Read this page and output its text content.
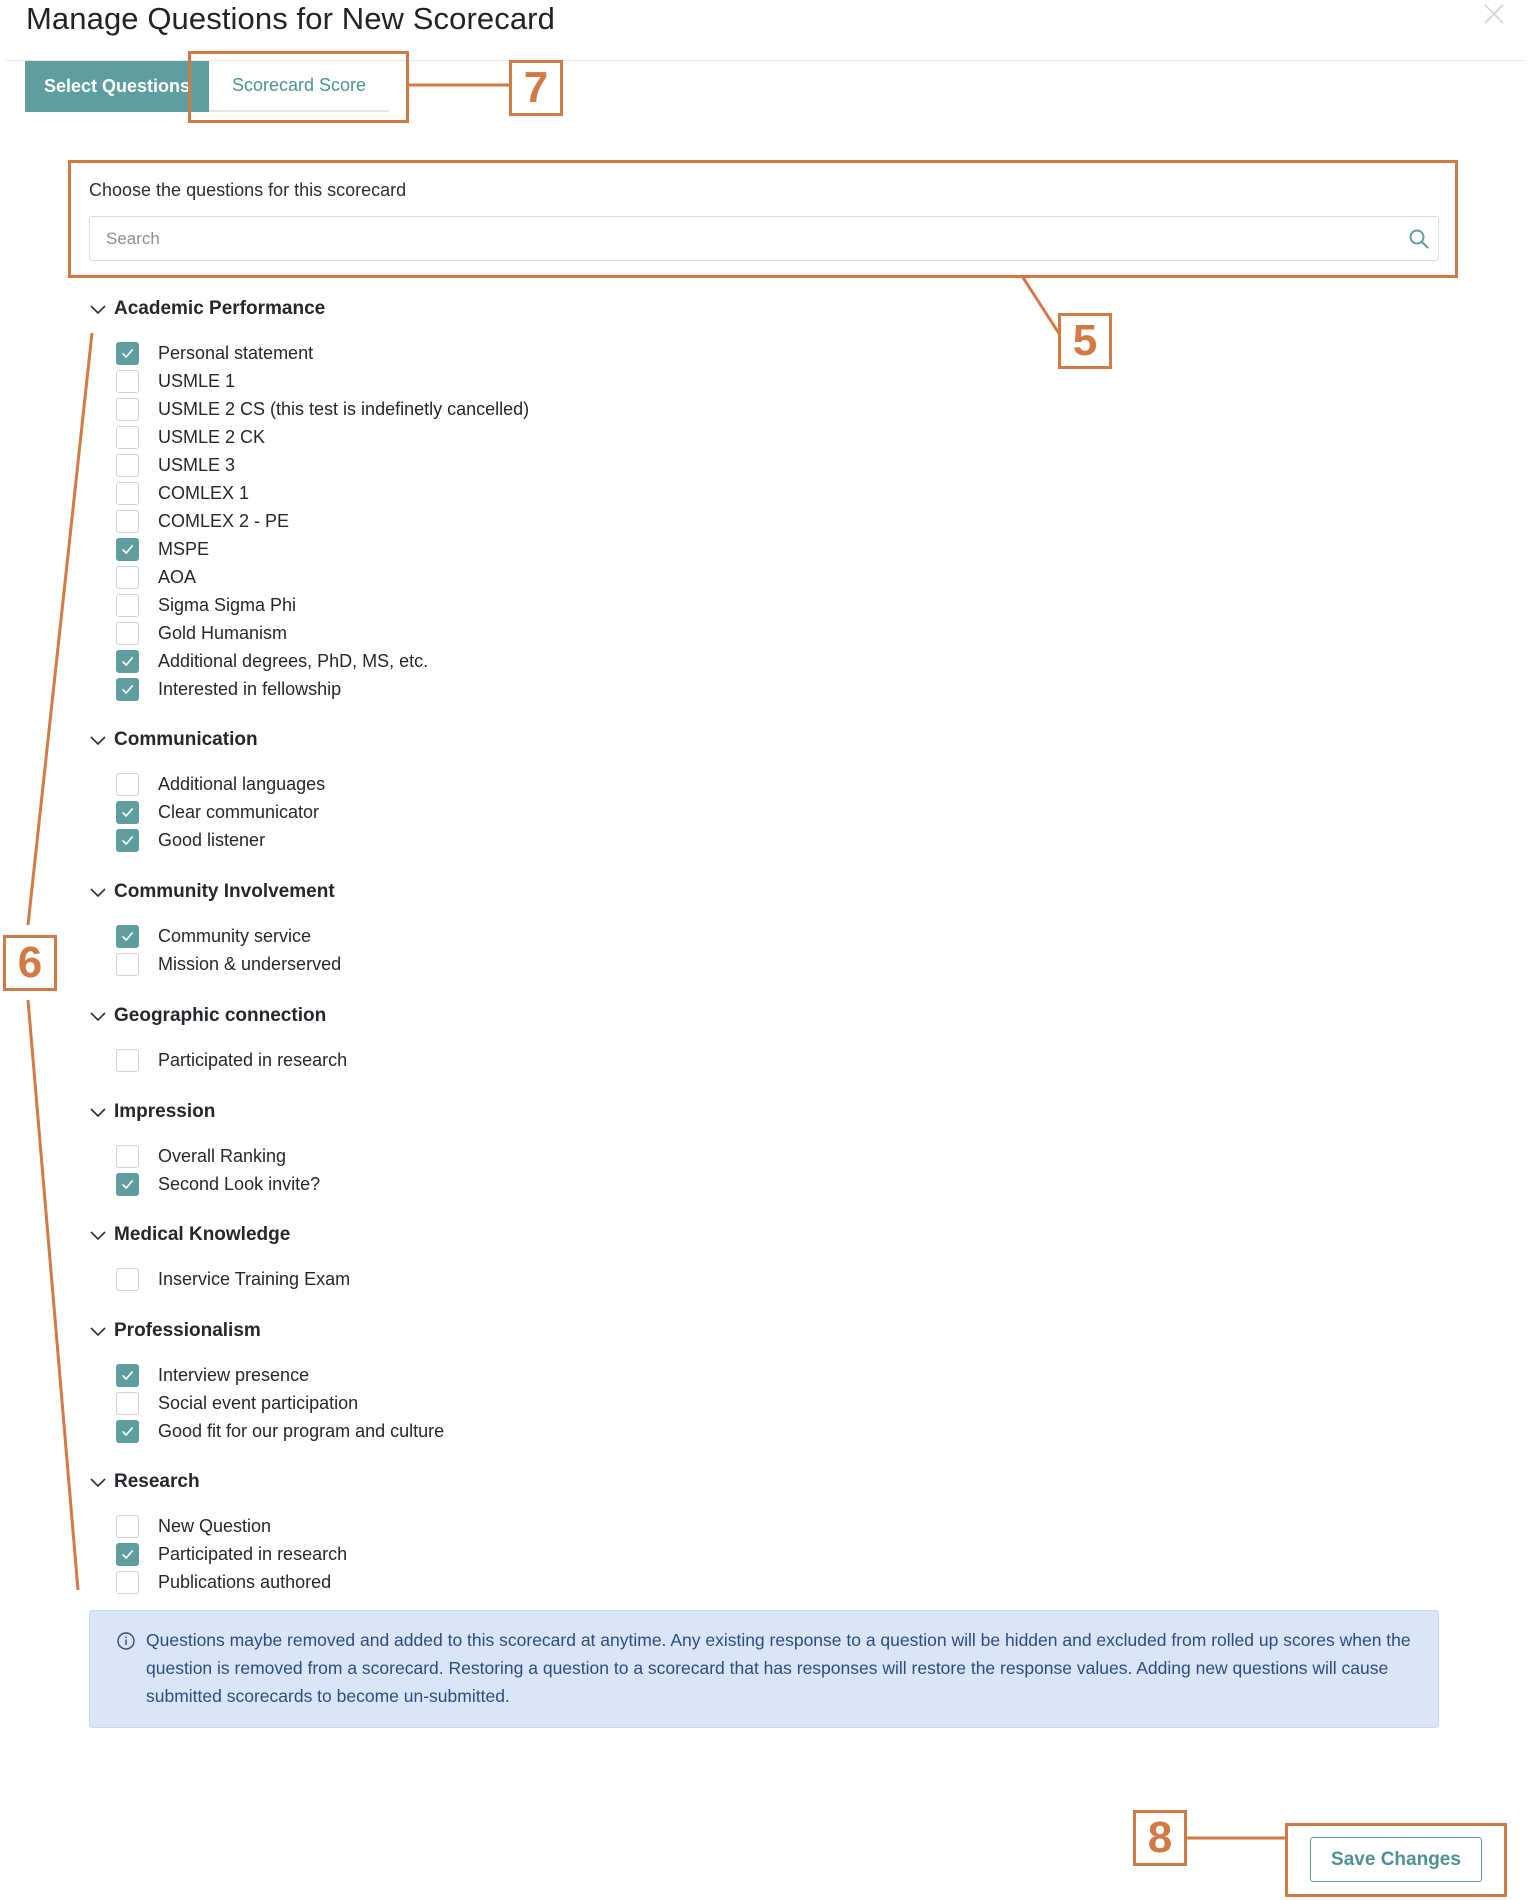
Manage Questions for New Scorecard
Select Questions	Scorecard Score
Choose the questions for this scorecard
Search
Academic Performance
Personal statement
USMLE 1
USMLE 2 CS (this test is indefinetly cancelled)
USMLE 2 CK
USMLE 3
COMLEX 1
COMLEX 2 - PE
MSPE
AOA
Sigma Sigma Phi
Gold Humanism
Additional degrees, PhD, MS, etc.
Interested in fellowship
Communication
Additional languages
Clear communicator
Good listener
Community Involvement
Community service
Mission & underserved
Geographic connection
Participated in research
Impression
Overall Ranking
Second Look invite?
Medical Knowledge
Inservice Training Exam
Professionalism
Interview presence
Social event participation
Good fit for our program and culture
Research
New Question
Participated in research
Publications authored
Questions maybe removed and added to this scorecard at anytime. Any existing response to a question will be hidden and excluded from rolled up scores when the question is removed from a scorecard. Restoring a question to a scorecard that has responses will restore the response values. Adding new questions will cause submitted scorecards to become un-submitted.
Save Changes
7
5
6
8
